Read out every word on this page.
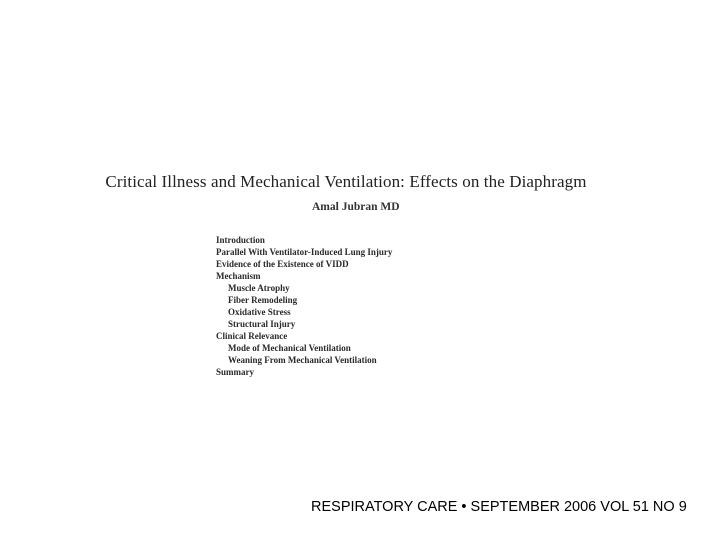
Critical Illness and Mechanical Ventilation: Effects on the Diaphragm
Amal Jubran MD
Introduction
Parallel With Ventilator-Induced Lung Injury
Evidence of the Existence of VIDD
Mechanism
Muscle Atrophy
Fiber Remodeling
Oxidative Stress
Structural Injury
Clinical Relevance
Mode of Mechanical Ventilation
Weaning From Mechanical Ventilation
Summary
RESPIRATORY CARE • SEPTEMBER 2006 VOL 51 NO 9
